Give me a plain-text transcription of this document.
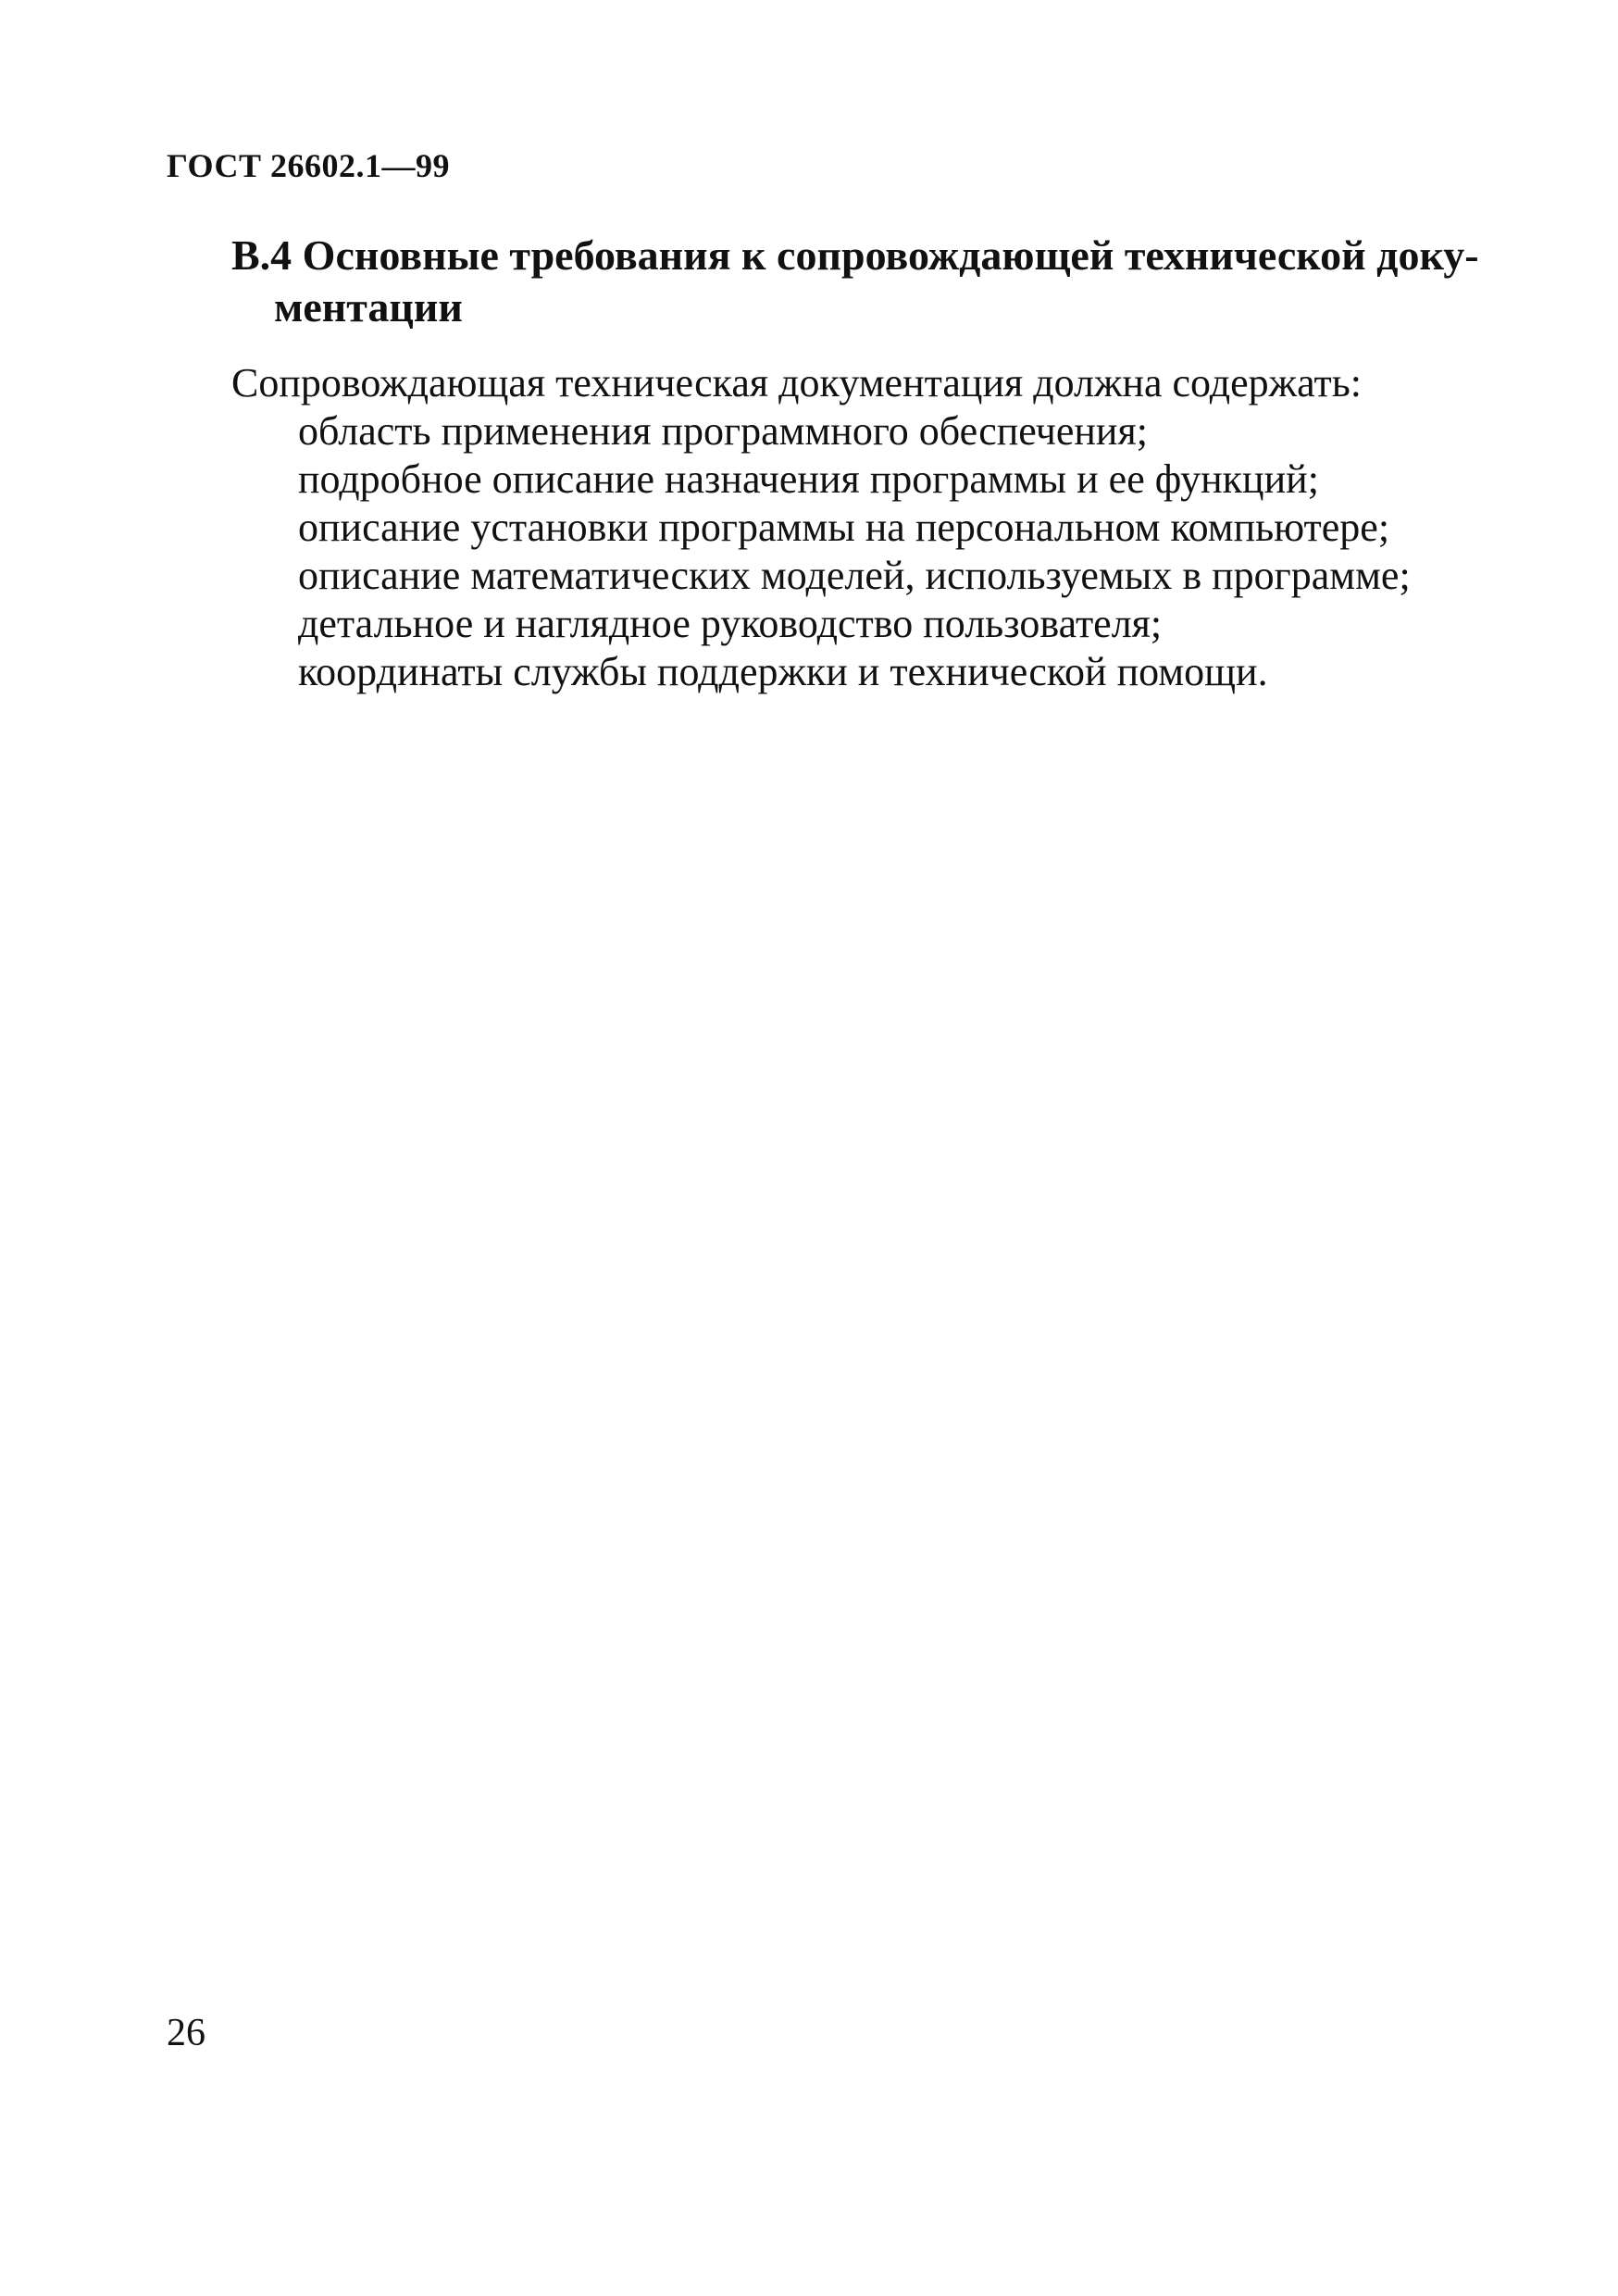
ГОСТ 26602.1—99
В.4 Основные требования к сопровождающей технической доку-
ментации
Сопровождающая техническая документация должна содержать:
область применения программного обеспечения;
подробное описание назначения программы и ее функций;
описание установки программы на персональном компьютере;
описание математических моделей, используемых в программе;
детальное и наглядное руководство пользователя;
координаты службы поддержки и технической помощи.
26
